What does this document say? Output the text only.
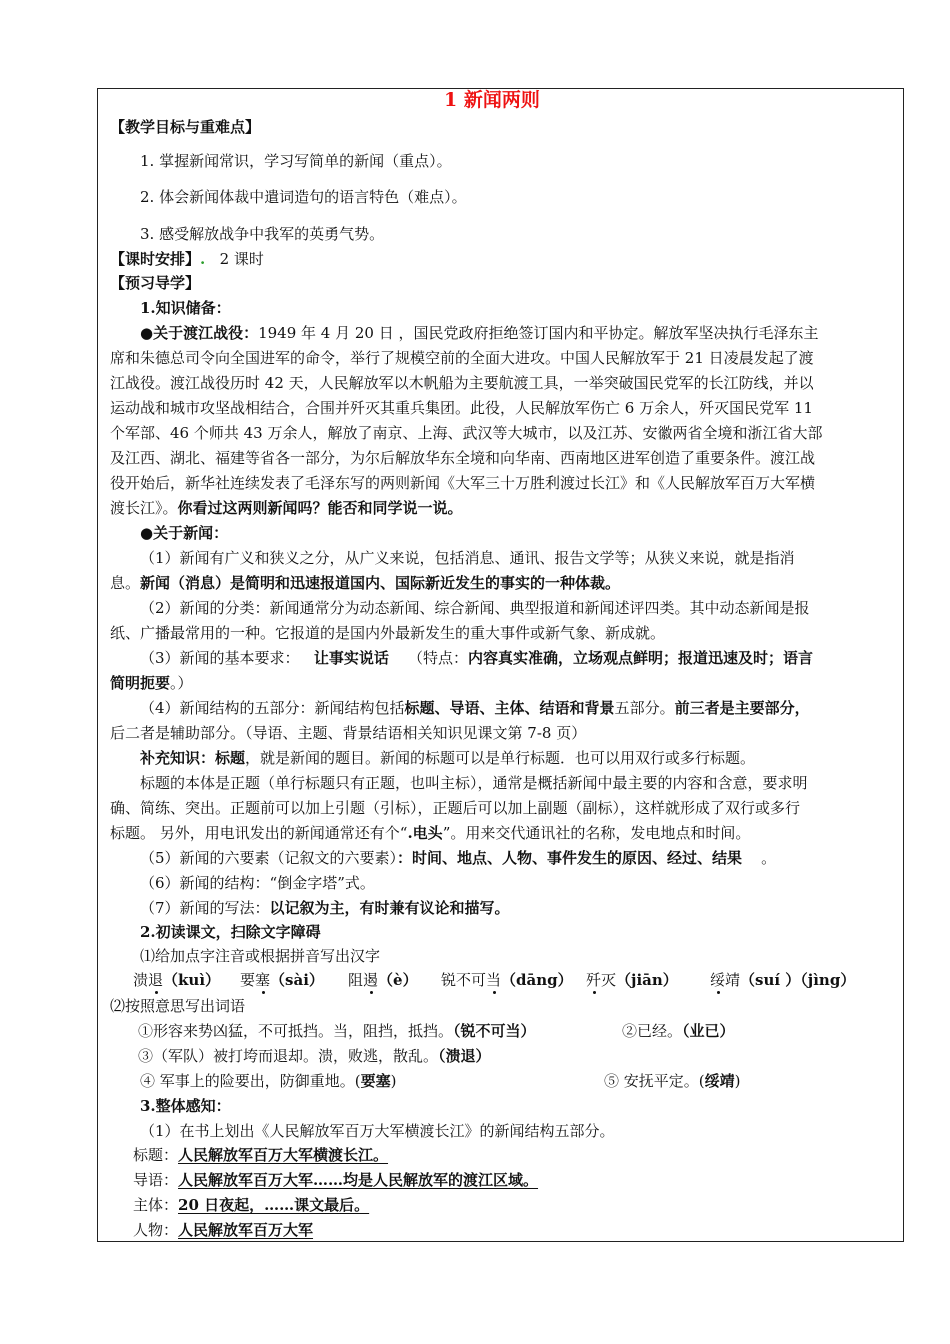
1 新闻两则
【教学目标与重难点】
1. 掌握新闻常识，学习写简单的新闻（重点）。
2. 体会新闻体裁中遣词造句的语言特色（难点）。
3. 感受解放战争中我军的英勇气势。
【课时安排】. 2 课时
【预习导学】
1.知识储备：
●关于渡江战役：1949 年 4 月 20 日 ，国民党政府拒绝签订国内和平协定。解放军坚决执行毛泽东主
席和朱德总司令向全国进军的命令，举行了规模空前的全面大进攻。中国人民解放军于 21 日凌晨发起了渡
江战役。渡江战役历时 42 天，人民解放军以木帆船为主要航渡工具，一举突破国民党军的长江防线，并以
运动战和城市攻坚战相结合，合围并歼灭其重兵集团。此役，人民解放军伤亡 6 万余人，歼灭国民党军 11
个军部、46 个师共 43 万余人，解放了南京、上海、武汉等大城市，以及江苏、安徽两省全境和浙江省大部
及江西、湖北、福建等省各一部分，为尔后解放华东全境和向华南、西南地区进军创造了重要条件。渡江战
役开始后，新华社连续发表了毛泽东写的两则新闻《大军三十万胜利渡过长江》和《人民解放军百万大军横
渡长江》。你看过这两则新闻吗？能否和同学说一说。
●关于新闻：
（1）新闻有广义和狭义之分，从广义来说，包括消息、通讯、报告文学等；从狭义来说，就是指消
息。新闻（消息）是简明和迅速报道国内、国际新近发生的事实的一种体裁。
（2）新闻的分类：新闻通常分为动态新闻、综合新闻、典型报道和新闻述评四类。其中动态新闻是报
纸、广播最常用的一种。它报道的是国内外最新发生的重大事件或新气象、新成就。
（3）新闻的基本要求： 让事实说话 （特点：内容真实准确，立场观点鲜明；报道迅速及时；语言
简明扼要。）
（4）新闻结构的五部分：新闻结构包括标题、导语、主体、结语和背景五部分。前三者是主要部分，
后二者是辅助部分。（导语、主题、背景结语相关知识见课文第 7-8 页）
补充知识：标题，就是新闻的题目。新闻的标题可以是单行标题．也可以用双行或多行标题。
标题的本体是正题（单行标题只有正题，也叫主标），通常是概括新闻中最主要的内容和含意，要求明
确、简练、突出。正题前可以加上引题（引标），正题后可以加上副题（副标），这样就形成了双行或多行
标题。 另外，用电讯发出的新闻通常还有个“.电头”。用来交代通讯社的名称，发电地点和时间。
（5）新闻的六要素（记叙文的六要素）：时间、地点、人物、事件发生的原因、经过、结果 。
（6）新闻的结构：“倒金字塔”式。
（7）新闻的写法：以记叙为主，有时兼有议论和描写。
2.初读课文，扫除文字障碍
⑴给加点字注音或根据拼音写出汉字
溃退（kuì） 要塞（sài） 阻遏（è） 锐不可当（dāng） 歼灭（jiān） 绥靖（suí ）（jìng）
⑵按照意思写出词语
①形容来势凶猛，不可抵挡。当，阻挡，抵挡。（锐不可当）	②已经。（业已）
③（军队）被打垮而退却。溃，败逃，散乱。（溃退）
④ 军事上的险要出，防御重地。(要塞)	⑤ 安抚平定。(绥靖)
3.整体感知：
（1）在书上划出《人民解放军百万大军横渡长江》的新闻结构五部分。
标题：人民解放军百万大军横渡长江。
导语：人民解放军百万大军……均是人民解放军的渡江区域。
主体：20 日夜起，……课文最后。
人物：人民解放军百万大军
